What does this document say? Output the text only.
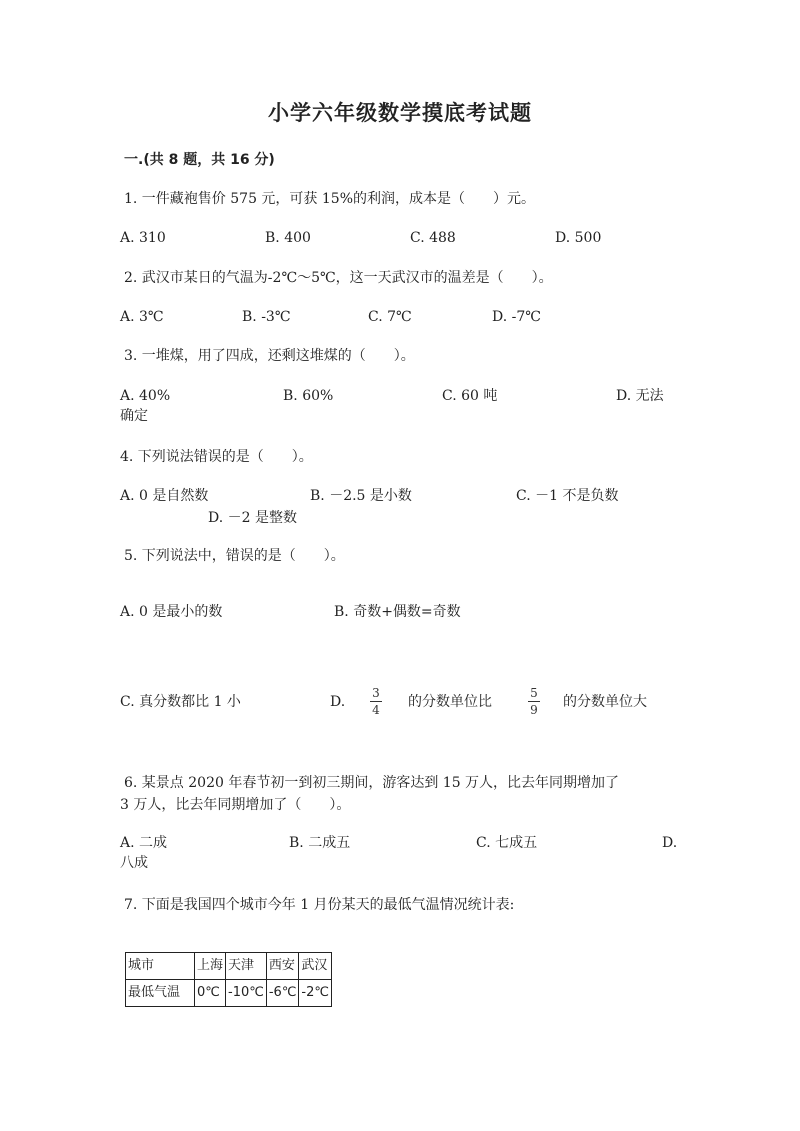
小学六年级数学摸底考试题
一.(共 8 题，共 16 分)
1. 一件藏袍售价 575 元，可获 15%的利润，成本是（　　）元。
A. 310	B. 400	C. 488	D. 500
2. 武汉市某日的气温为-2℃～5℃，这一天武汉市的温差是（　　）。
A. 3℃	B. -3℃	C. 7℃	D. -7℃
3. 一堆煤，用了四成，还剩这堆煤的（　　）。
A. 40%	B. 60%	C. 60 吨	D. 无法
确定
4. 下列说法错误的是（　　）。
A. 0 是自然数	B. －2.5 是小数	C. －1 不是负数
D. －2 是整数
5. 下列说法中，错误的是（　　）。
A. 0 是最小的数	B. 奇数+偶数=奇数
C. 真分数都比 1 小	D.
3
4 的分数单位比
5
9 的分数单位大
6. 某景点 2020 年春节初一到初三期间，游客达到 15 万人，比去年同期增加了
3 万人，比去年同期增加了（　　）。
A. 二成	B. 二成五	C. 七成五	D.
八成
7. 下面是我国四个城市今年 1 月份某天的最低气温情况统计表:
城市	上海	天津	西安	武汉
最低气温	0℃	-10℃	-6℃	-2℃
